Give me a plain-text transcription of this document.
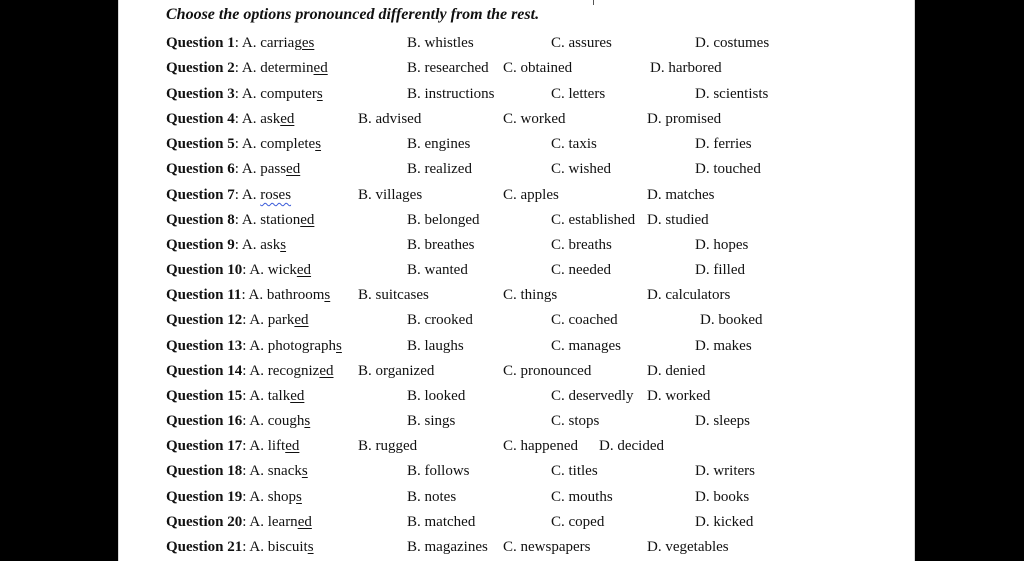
Choose the options pronounced differently from the rest.
Question 1: A. carriages	B. whistles	C. assures	D. costumes
Question 2: A. determined	B. researched C. obtained	D. harbored
Question 3: A. computers	B. instructions	C. letters	D. scientists
Question 4: A. asked	B. advised	C. worked	D. promised
Question 5: A. completes	B. engines	C. taxis	D. ferries
Question 6: A. passed	B. realized	C. wished	D. touched
Question 7: A. roses	B. villages	C. apples	D. matches
Question 8: A. stationed	B. belonged	C. established D. studied
Question 9: A. asks	B. breathes	C. breaths	D. hopes
Question 10: A. wicked	B. wanted	C. needed	D. filled
Question 11: A. bathrooms B. suitcases	C. things	D. calculators
Question 12: A. parked	B. crooked	C. coached	D. booked
Question 13: A. photographs	B. laughs	C. manages	D. makes
Question 14: A. recognized B. organized	C. pronounced	D. denied
Question 15: A. talked	B. looked	C. deservedly D. worked
Question 16: A. coughs	B. sings	C. stops	D. sleeps
Question 17: A. lifted	B. rugged	C. happened D. decided
Question 18: A. snacks	B. follows	C. titles	D. writers
Question 19: A. shops	B. notes	C. mouths	D. books
Question 20: A. learned	B. matched	C. coped	D. kicked
Question 21: A. biscuits	B. magazines C. newspapers	D. vegetables
